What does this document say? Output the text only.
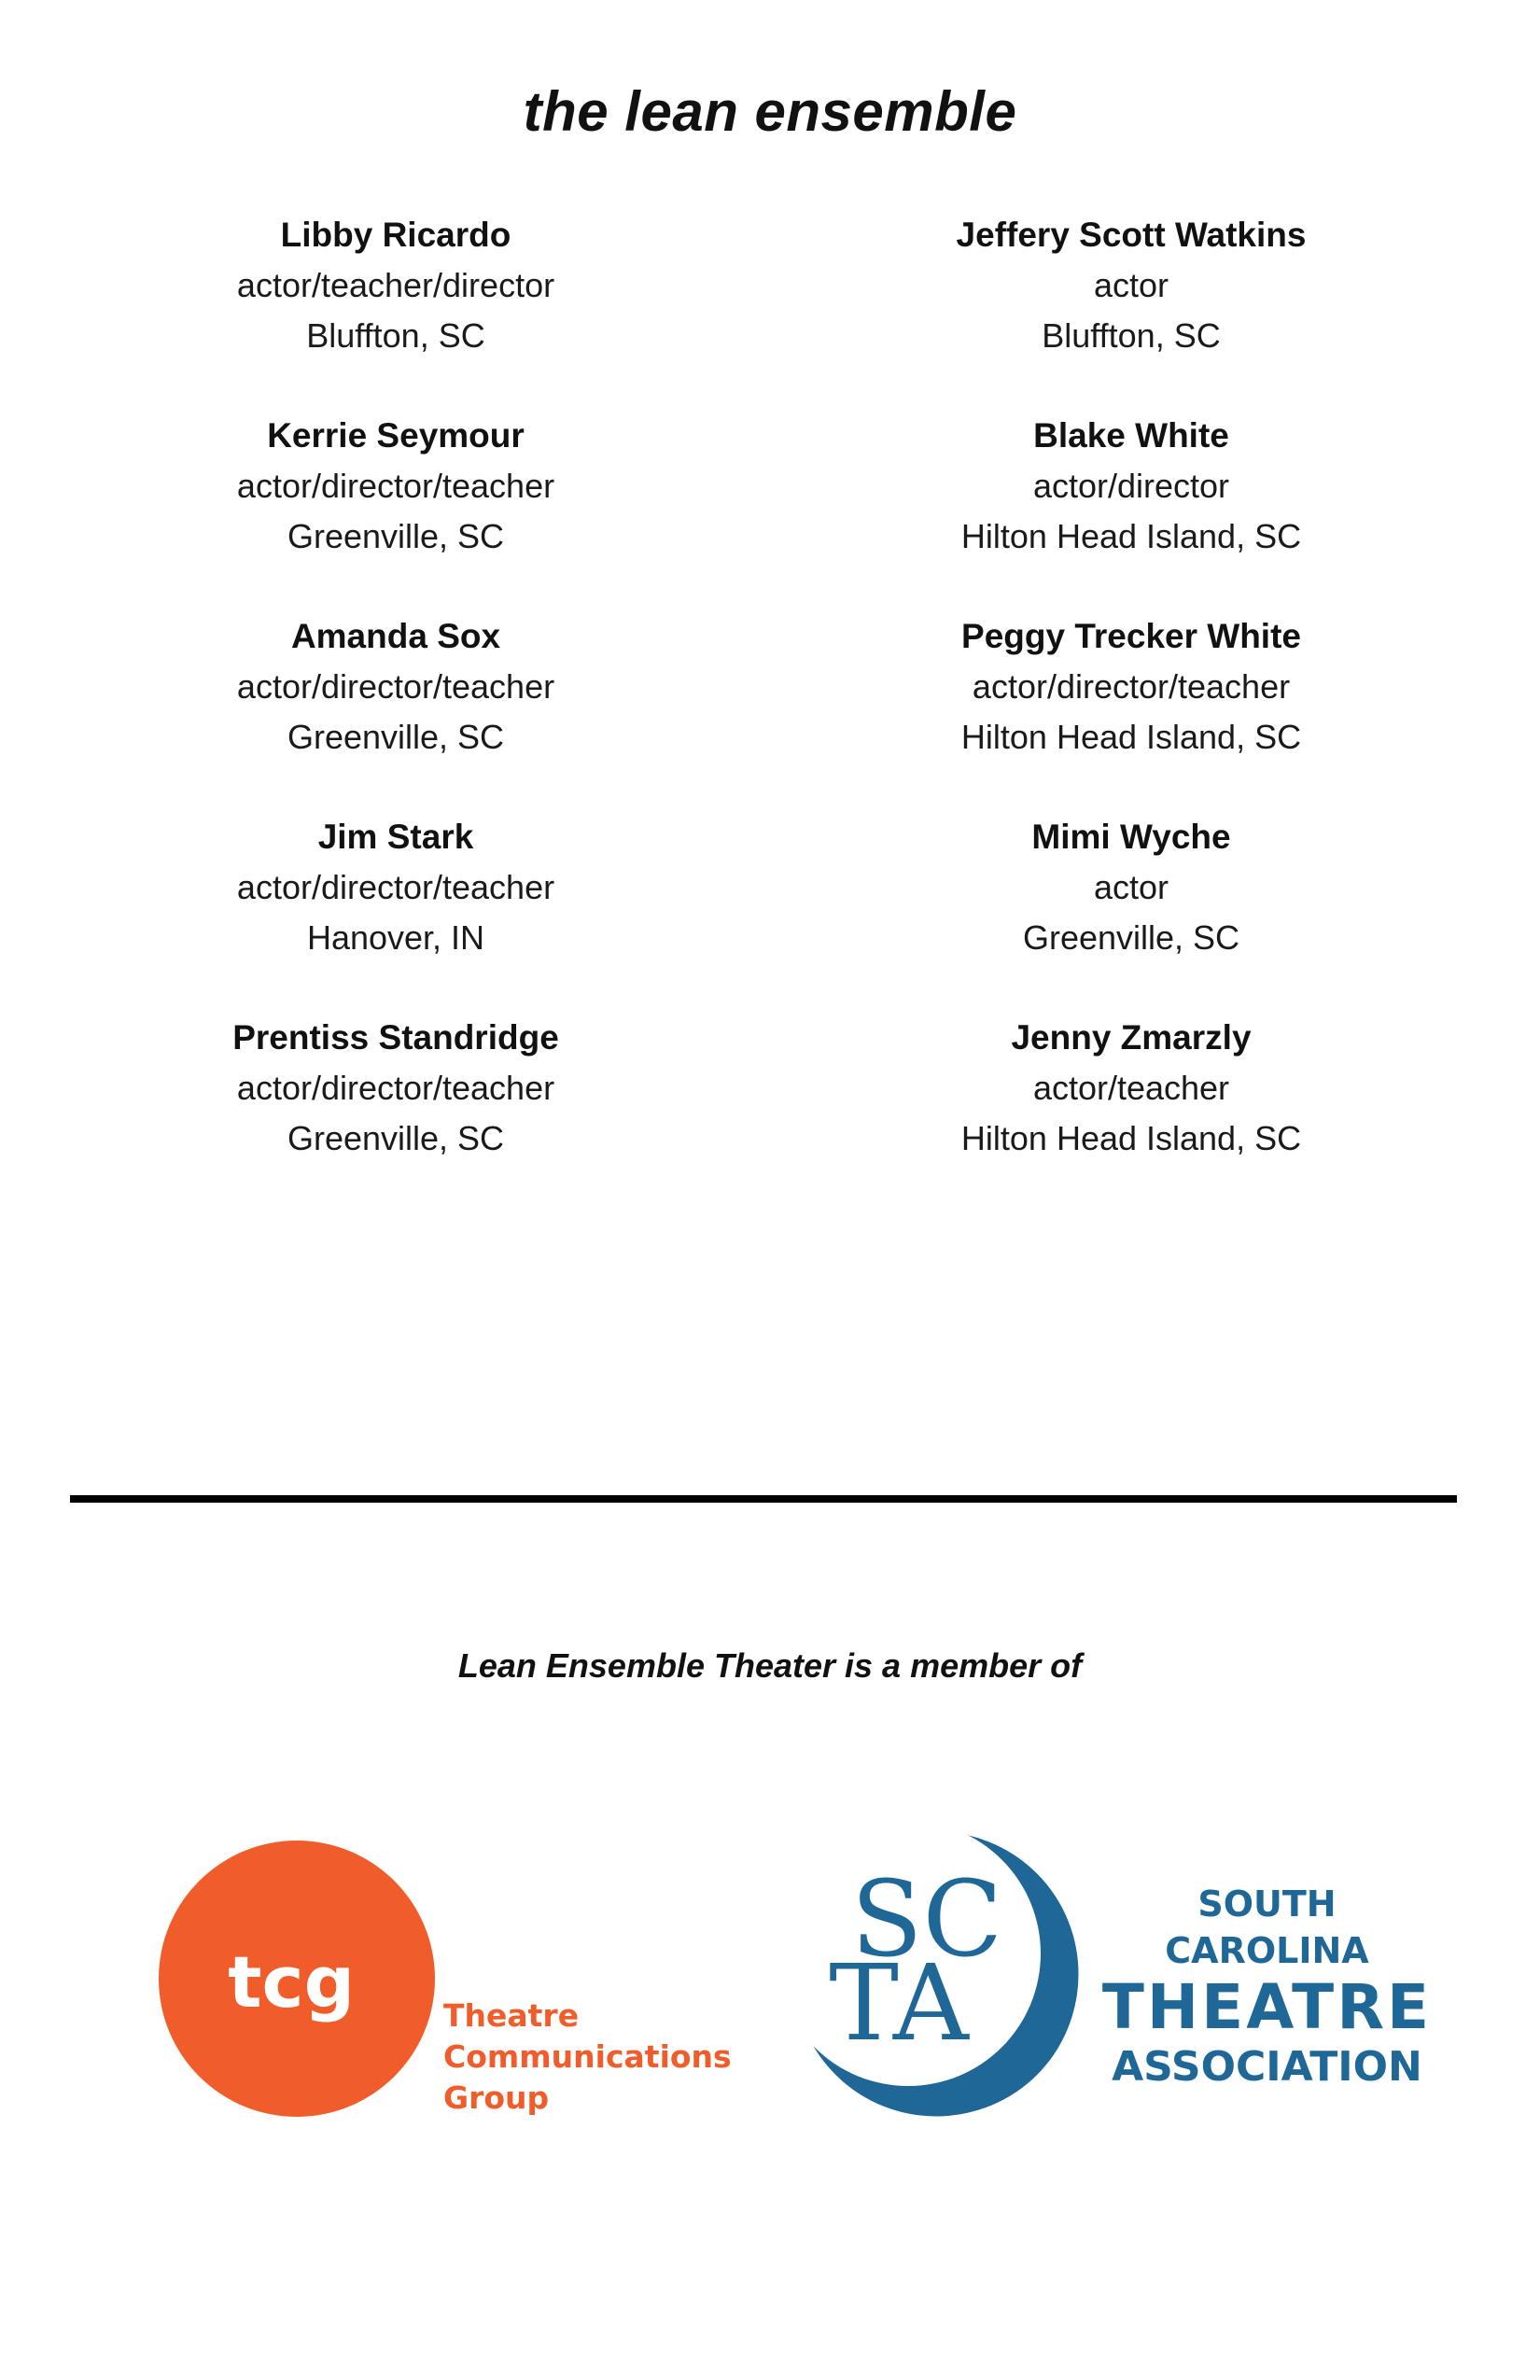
the lean ensemble
Libby Ricardo
actor/teacher/director
Bluffton, SC
Kerrie Seymour
actor/director/teacher
Greenville, SC
Amanda Sox
actor/director/teacher
Greenville, SC
Jim Stark
actor/director/teacher
Hanover, IN
Prentiss Standridge
actor/director/teacher
Greenville, SC
Jeffery Scott Watkins
actor
Bluffton, SC
Blake White
actor/director
Hilton Head Island, SC
Peggy Trecker White
actor/director/teacher
Hilton Head Island, SC
Mimi Wyche
actor
Greenville, SC
Jenny Zmarzly
actor/teacher
Hilton Head Island, SC
Lean Ensemble Theater is a member of
tcg	Theatre
Communications
Group
SC
TA
SOUTH CAROLINA
THEATRE
ASSOCIATION
